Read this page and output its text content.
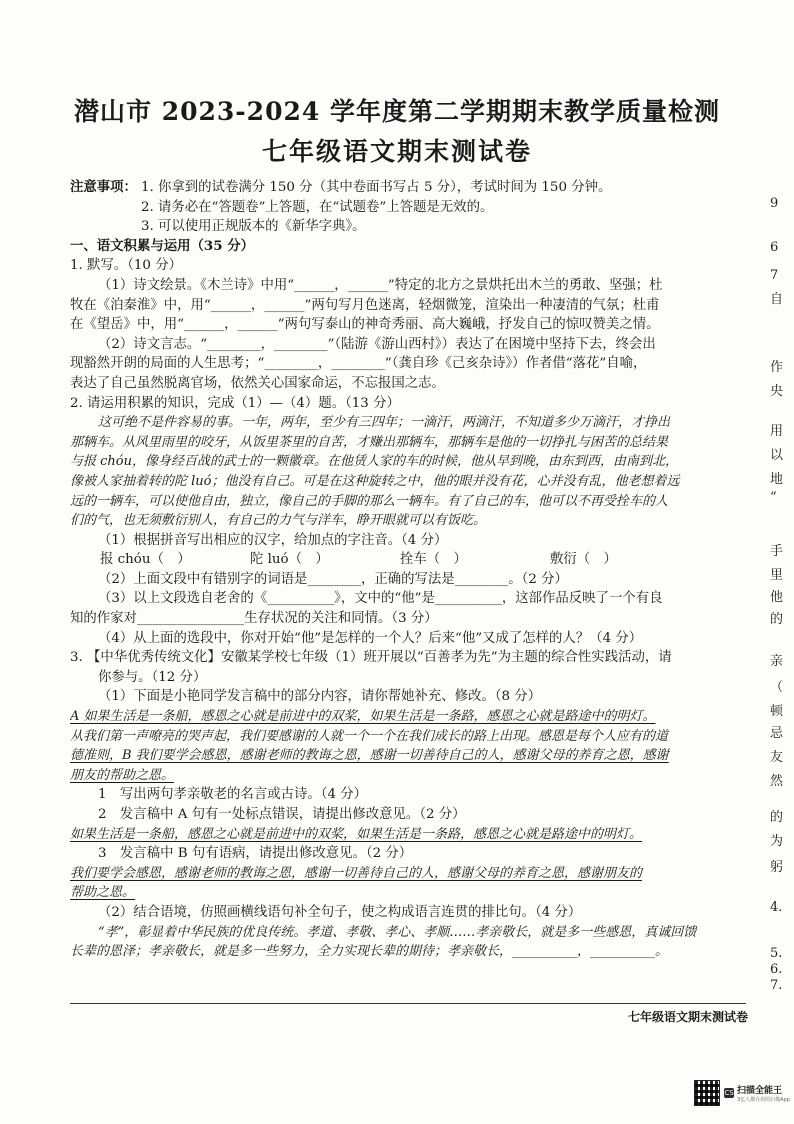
潜山市 2023-2024 学年度第二学期期末教学质量检测
七年级语文期末测试卷
注意事项： 1. 你拿到的试卷满分 150 分（其中卷面书写占 5 分），考试时间为 150 分钟。
2. 请务必在“答题卷”上答题，在“试题卷”上答题是无效的。
3. 可以使用正规版本的《新华字典》。
一、语文积累与运用（35 分）
1. 默写。（10 分）
（1）诗文绘景。《木兰诗》中用“______，______”特定的北方之景烘托出木兰的勇敢、坚强；杜
牧在《泊秦淮》中，用“______，______”两句写月色迷离，轻烟微笼，渲染出一种凄清的气氛；杜甫
在《望岳》中，用“______，______”两句写泰山的神奇秀丽、高大巍峨，抒发自己的惊叹赞美之情。
（2）诗文言志。“________，________”（陆游《游山西村》）表达了在困境中坚持下去，终会出
现豁然开朗的局面的人生思考；“________，________”（龚自珍《己亥杂诗》）作者借“落花”自喻，
表达了自己虽然脱离官场，依然关心国家命运，不忘报国之志。
2. 请运用积累的知识，完成（1）—（4）题。（13 分）
这可绝不是件容易的事。一年，两年，至少有三四年；一滴汗，两滴汗，不知道多少万滴汗，才挣出
那辆车。从风里雨里的咬牙，从饭里茶里的自苦，才赚出那辆车，那辆车是他的一切挣扎与困苦的总结果
与报 chóu，像身经百战的武士的一颗徽章。在他赁人家的车的时候，他从早到晚，由东到西，由南到北，
像被人家抽着转的陀 luó；他没有自己。可是在这种旋转之中，他的眼并没有花，心并没有乱，他老想着远
远的一辆车，可以使他自由，独立，像自己的手脚的那么一辆车。有了自己的车，他可以不再受拴车的人
们的气，也无须敷衍别人，有自己的力气与洋车，睁开眼就可以有饭吃。
（1）根据拼音写出相应的汉字，给加点的字注音。（4 分）
报 chóu（　）	陀 luó（　）	拴车（　）	敷衍（　）
（2）上面文段中有错别字的词语是________，正确的写法是________。（2 分）
（3）以上文段选自老舍的《__________》，文中的“他”是__________，这部作品反映了一个有良
知的作家对________________生存状况的关注和同情。（3 分）
（4）从上面的选段中，你对开始“他”是怎样的一个人？后来“他”又成了怎样的人？（4 分）
3. 【中华优秀传统文化】安徽某学校七年级（1）班开展以“百善孝为先”为主题的综合性实践活动，请
你参与。（12 分）
（1）下面是小艳同学发言稿中的部分内容，请你帮她补充、修改。（8 分）
A 如果生活是一条船，感恩之心就是前进中的双桨，如果生活是一条路，感恩之心就是路途中的明灯。
从我们第一声嘹亮的哭声起，我们要感谢的人就一个一个在我们成长的路上出现。感恩是每个人应有的道
德准则，B 我们要学会感恩，感谢老师的教诲之恩，感谢一切善待自己的人，感谢父母的养育之恩，感谢
朋友的帮助之恩。
1　写出两句孝亲敬老的名言或古诗。（4 分）
2　发言稿中 A 句有一处标点错误，请提出修改意见。（2 分）
如果生活是一条船，感恩之心就是前进中的双桨，如果生活是一条路，感恩之心就是路途中的明灯。
3　发言稿中 B 句有语病，请提出修改意见。（2 分）
我们要学会感恩，感谢老师的教诲之恩，感谢一切善待自己的人，感谢父母的养育之恩，感谢朋友的
帮助之恩。
（2）结合语境，仿照画横线语句补全句子，使之构成语言连贯的排比句。（4 分）
“孝”，彰显着中华民族的优良传统。孝道、孝敬、孝心、孝顺……孝亲敬长，就是多一些感恩，真诚回馈
长辈的恩泽；孝亲敬长，就是多一些努力，全力实现长辈的期待；孝亲敬长，__________，__________。
七年级语文期末测试卷
9
6
7
自
作
央
用
以
地
“
手
里
他
的
亲
（
顿
忌
友
然
的
为
躬
4.
5.
6.
7.
CS 扫描全能王
3亿人都在用的扫描App
